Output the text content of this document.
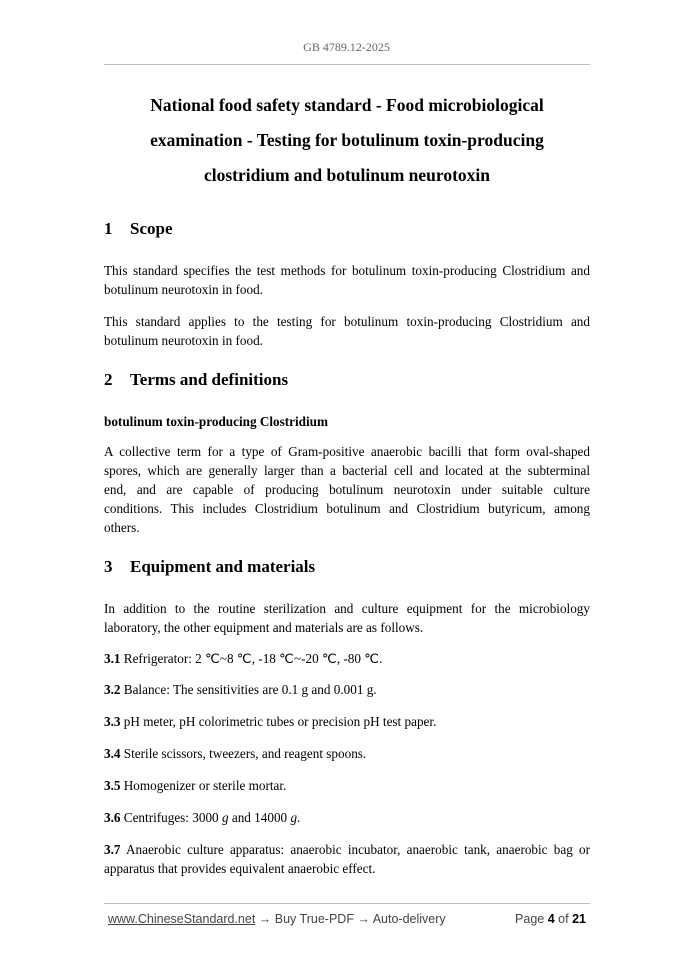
GB 4789.12-2025
National food safety standard - Food microbiological
examination - Testing for botulinum toxin-producing
clostridium and botulinum neurotoxin
1 Scope
This standard specifies the test methods for botulinum toxin-producing Clostridium and
botulinum neurotoxin in food.
This standard applies to the testing for botulinum toxin-producing Clostridium and
botulinum neurotoxin in food.
2 Terms and definitions
botulinum toxin-producing Clostridium
A collective term for a type of Gram-positive anaerobic bacilli that form oval-shaped
spores, which are generally larger than a bacterial cell and located at the subterminal
end, and are capable of producing botulinum neurotoxin under suitable culture
conditions. This includes Clostridium botulinum and Clostridium butyricum, among
others.
3 Equipment and materials
In addition to the routine sterilization and culture equipment for the microbiology
laboratory, the other equipment and materials are as follows.
3.1 Refrigerator: 2 ℃~8 ℃, -18 ℃~-20 ℃, -80 ℃.
3.2 Balance: The sensitivities are 0.1 g and 0.001 g.
3.3 pH meter, pH colorimetric tubes or precision pH test paper.
3.4 Sterile scissors, tweezers, and reagent spoons.
3.5 Homogenizer or sterile mortar.
3.6 Centrifuges: 3000 g and 14000 g.
3.7 Anaerobic culture apparatus: anaerobic incubator, anaerobic tank, anaerobic bag or
apparatus that provides equivalent anaerobic effect.
www.ChineseStandard.net → Buy True-PDF → Auto-delivery	Page 4 of 21
